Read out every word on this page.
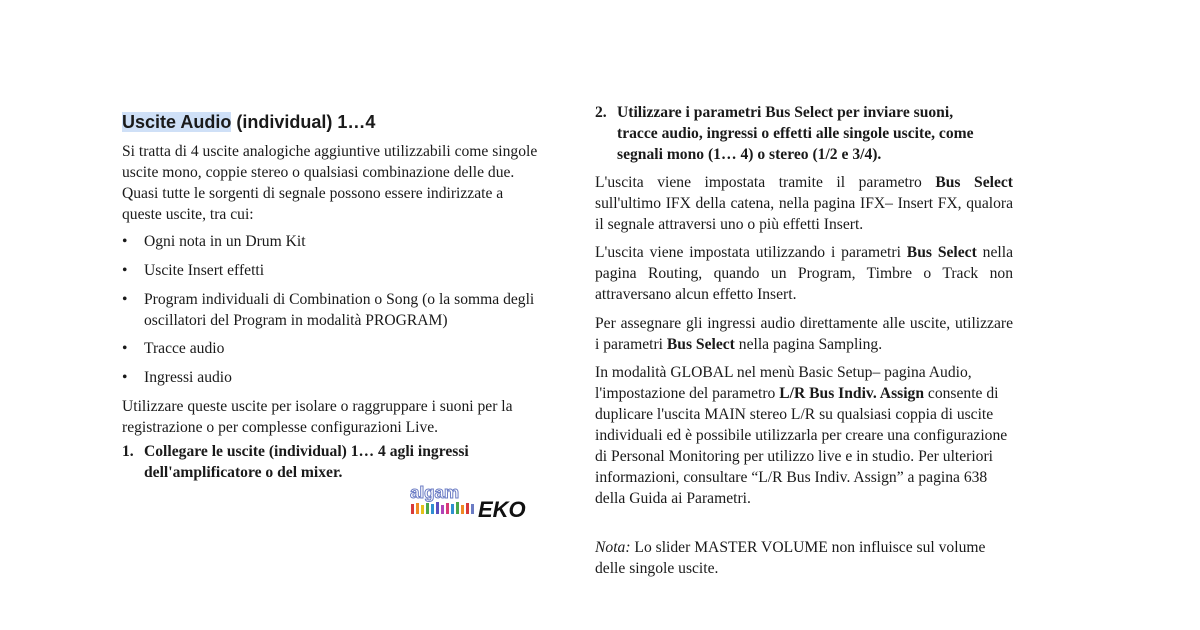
Uscite Audio (individual) 1…4

Si tratta di 4 uscite analogiche aggiuntive utilizzabili come singole uscite mono, coppie stereo o qualsiasi combinazione delle due. Quasi tutte le sorgenti di segnale possono essere indirizzate a queste uscite, tra cui:

• Ogni nota in un Drum Kit
• Uscite Insert effetti
• Program individuali di Combination o Song (o la somma degli oscillatori del Program in modalità PROGRAM)
• Tracce audio
• Ingressi audio

Utilizzare queste uscite per isolare o raggruppare i suoni per la registrazione o per complesse configurazioni Live.

1. Collegare le uscite (individual) 1… 4 agli ingressi dell'amplificatore o del mixer.
algam
EKO
2. Utilizzare i parametri Bus Select per inviare suoni, tracce audio, ingressi o effetti alle singole uscite, come segnali mono (1… 4) o stereo (1/2 e 3/4).

L'uscita viene impostata tramite il parametro Bus Select sull'ultimo IFX della catena, nella pagina IFX– Insert FX, qualora il segnale attraversi uno o più effetti Insert.

L'uscita viene impostata utilizzando i parametri Bus Select nella pagina Routing, quando un Program, Timbre o Track non attraversano alcun effetto Insert.

Per assegnare gli ingressi audio direttamente alle uscite, utilizzare i parametri Bus Select nella pagina Sampling.

In modalità GLOBAL nel menù Basic Setup– pagina Audio, l'impostazione del parametro L/R Bus Indiv. Assign consente di duplicare l'uscita MAIN stereo L/R su qualsiasi coppia di uscite individuali ed è possibile utilizzarla per creare una configurazione di Personal Monitoring per utilizzo live e in studio. Per ulteriori informazioni, consultare “L/R Bus Indiv. Assign” a pagina 638 della Guida ai Parametri.

Nota: Lo slider MASTER VOLUME non influisce sul volume delle singole uscite.
